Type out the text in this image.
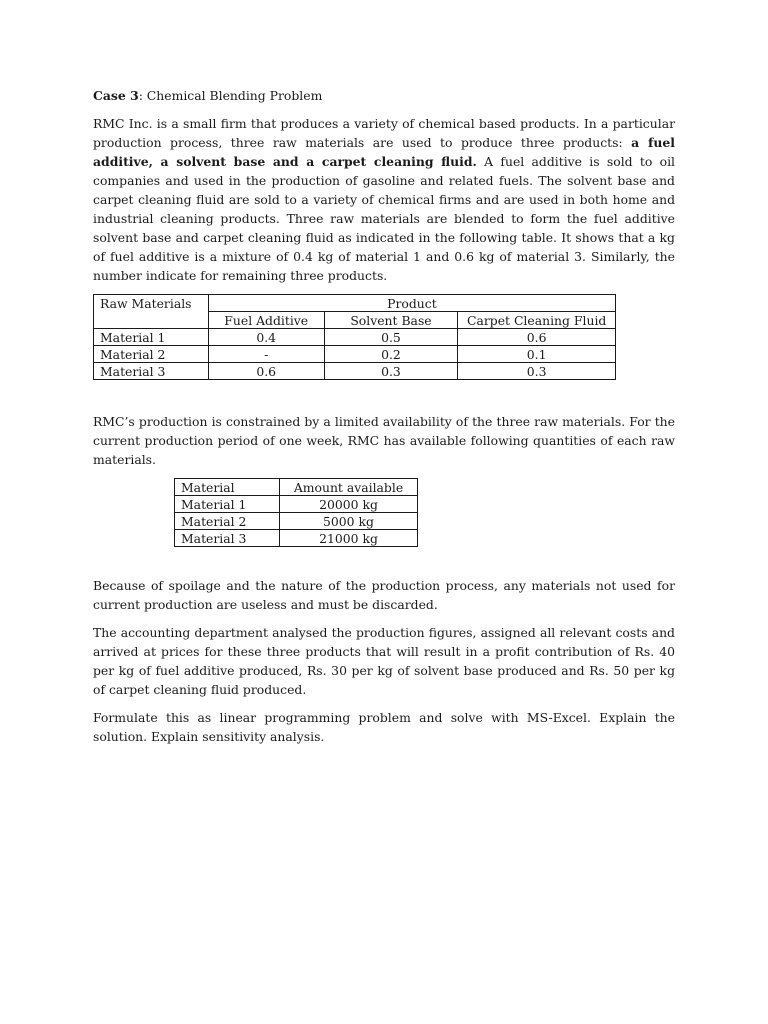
Case 3: Chemical Blending Problem

RMC Inc. is a small firm that produces a variety of chemical based products. In a particular production process, three raw materials are used to produce three products: a fuel additive, a solvent base and a carpet cleaning fluid. A fuel additive is sold to oil companies and used in the production of gasoline and related fuels. The solvent base and carpet cleaning fluid are sold to a variety of chemical firms and are used in both home and industrial cleaning products. Three raw materials are blended to form the fuel additive solvent base and carpet cleaning fluid as indicated in the following table. It shows that a kg of fuel additive is a mixture of 0.4 kg of material 1 and 0.6 kg of material 3. Similarly, the number indicate for remaining three products.

Raw Materials	Product		
	Fuel Additive	Solvent Base	Carpet Cleaning Fluid
Material 1	0.4	0.5	0.6
Material 2	-	0.2	0.1
Material 3	0.6	0.3	0.3

RMC’s production is constrained by a limited availability of the three raw materials. For the current production period of one week, RMC has available following quantities of each raw materials.

Material	Amount available
Material 1	20000 kg
Material 2	5000 kg
Material 3	21000 kg

Because of spoilage and the nature of the production process, any materials not used for current production are useless and must be discarded.

The accounting department analysed the production figures, assigned all relevant costs and arrived at prices for these three products that will result in a profit contribution of Rs. 40 per kg of fuel additive produced, Rs. 30 per kg of solvent base produced and Rs. 50 per kg of carpet cleaning fluid produced.

Formulate this as linear programming problem and solve with MS-Excel. Explain the solution. Explain sensitivity analysis.
